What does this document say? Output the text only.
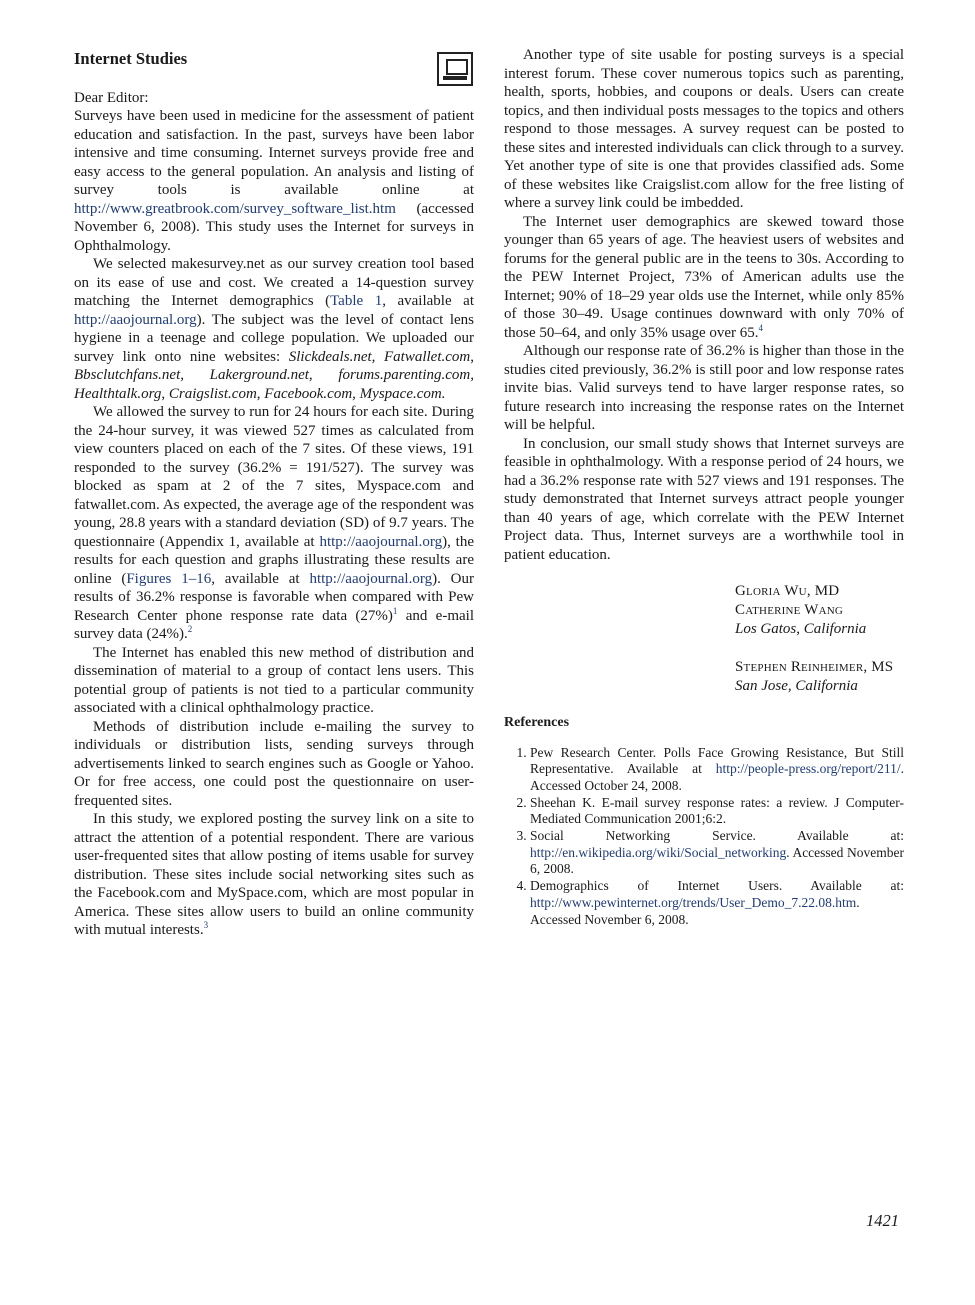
Internet Studies

Dear Editor:

Surveys have been used in medicine for the assessment of patient education and satisfaction. In the past, surveys have been labor intensive and time consuming. Internet surveys provide free and easy access to the general population. An analysis and listing of survey tools is available online at http://www.greatbrook.com/survey_software_list.htm (accessed November 6, 2008). This study uses the Internet for surveys in Ophthalmology.

We selected makesurvey.net as our survey creation tool based on its ease of use and cost. We created a 14-question survey matching the Internet demographics (Table 1, available at http://aaojournal.org). The subject was the level of contact lens hygiene in a teenage and college population. We uploaded our survey link onto nine websites: Slickdeals.net, Fatwallet.com, Bbsclutchfans.net, Lakerground.net, forums.parenting.com, Healthtalk.org, Craigslist.com, Facebook.com, Myspace.com.

We allowed the survey to run for 24 hours for each site. During the 24-hour survey, it was viewed 527 times as calculated from view counters placed on each of the 7 sites. Of these views, 191 responded to the survey (36.2% = 191/527). The survey was blocked as spam at 2 of the 7 sites, Myspace.com and fatwallet.com. As expected, the average age of the respondent was young, 28.8 years with a standard deviation (SD) of 9.7 years. The questionnaire (Appendix 1, available at http://aaojournal.org), the results for each question and graphs illustrating these results are online (Figures 1–16, available at http://aaojournal.org). Our results of 36.2% response is favorable when compared with Pew Research Center phone response rate data $(27\%)^1$ and e-mail survey data (24%).$^2$

The Internet has enabled this new method of distribution and dissemination of material to a group of contact lens users. This potential group of patients is not tied to a particular community associated with a clinical ophthalmology practice.

Methods of distribution include e-mailing the survey to individuals or distribution lists, sending surveys through advertisements linked to search engines such as Google or Yahoo. Or for free access, one could post the questionnaire on user-frequented sites.

In this study, we explored posting the survey link on a site to attract the attention of a potential respondent. There are various user-frequented sites that allow posting of items usable for survey distribution. These sites include social networking sites such as the Facebook.com and MySpace.com, which are most popular in America. These sites allow users to build an online community with mutual interests.$^3$

Another type of site usable for posting surveys is a special interest forum. These cover numerous topics such as parenting, health, sports, hobbies, and coupons or deals. Users can create topics, and then individual posts messages to the topics and others respond to those messages. A survey request can be posted to these sites and interested individuals can click through to a survey. Yet another type of site is one that provides classified ads. Some of these websites like Craigslist.com allow for the free listing of where a survey link could be imbedded.

The Internet user demographics are skewed toward those younger than 65 years of age. The heaviest users of websites and forums for the general public are in the teens to 30s. According to the PEW Internet Project, 73% of American adults use the Internet; 90% of 18–29 year olds use the Internet, while only 85% of those 30–49. Usage continues downward with only 70% of those 50–64, and only 35% usage over 65.$^4$

Although our response rate of 36.2% is higher than those in the studies cited previously, 36.2% is still poor and low response rates invite bias. Valid surveys tend to have larger response rates, so future research into increasing the response rates on the Internet will be helpful.

In conclusion, our small study shows that Internet surveys are feasible in ophthalmology. With a response period of 24 hours, we had a 36.2% response rate with 527 views and 191 responses. The study demonstrated that Internet surveys attract people younger than 40 years of age, which correlate with the PEW Internet Project data. Thus, Internet surveys are a worthwhile tool in patient education.

Gloria Wu, MD
Catherine Wang
Los Gatos, California
Stephen Reinheimer, MS
San Jose, California
References
1. Pew Research Center. Polls Face Growing Resistance, But Still Representative. Available at http://people-press.org/report/211/. Accessed October 24, 2008.
2. Sheehan K. E-mail survey response rates: a review. J Computer-Mediated Communication 2001;6:2.
3. Social Networking Service. Available at: http://en.wikipedia.org/wiki/Social_networking. Accessed November 6, 2008.
4. Demographics of Internet Users. Available at: http://www.pewinternet.org/trends/User_Demo_7.22.08.htm. Accessed November 6, 2008.
1421
